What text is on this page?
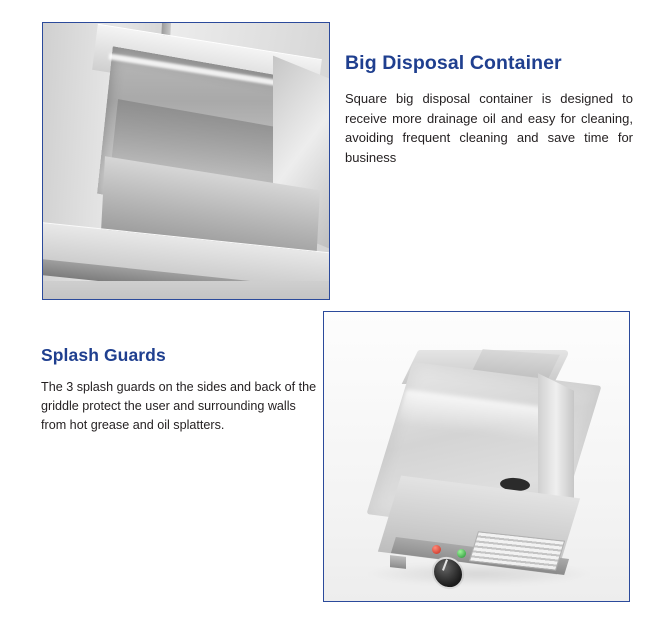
Big Disposal Container

Square big disposal container is designed to receive more drainage oil and easy for cleaning, avoiding frequent cleaning and save time for business

Splash Guards

The 3 splash guards on the sides and back of the griddle protect the user and surrounding walls from hot grease and oil splatters.
